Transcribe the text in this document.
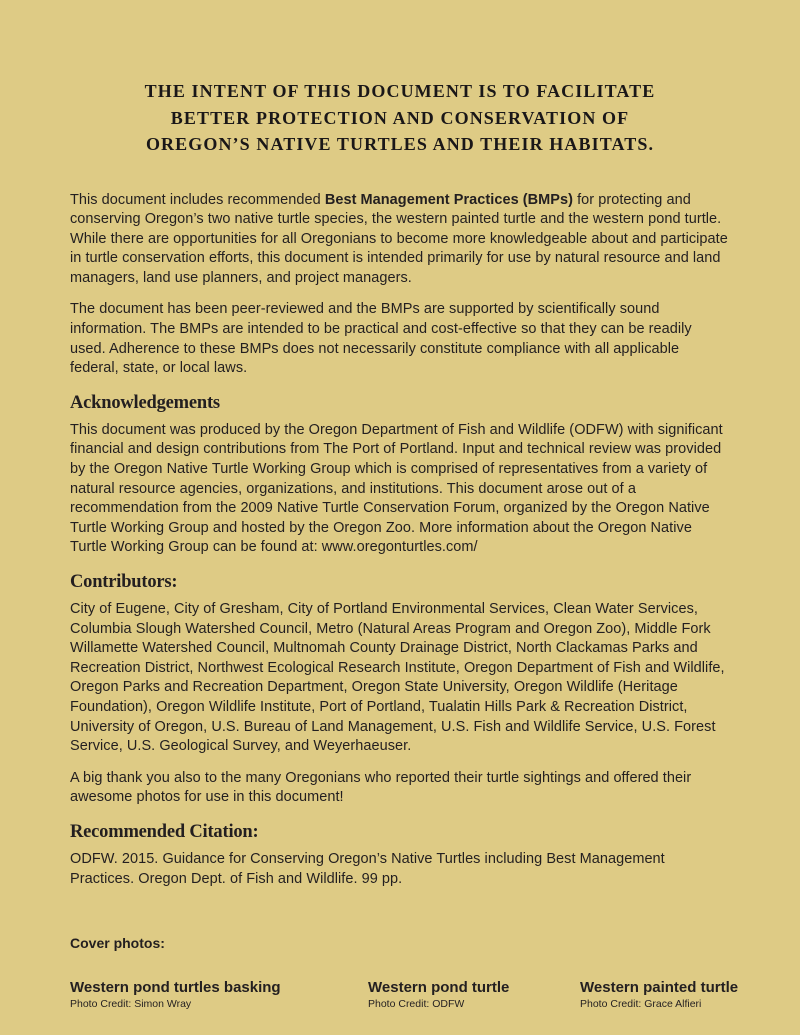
THE INTENT OF THIS DOCUMENT IS TO FACILITATE
BETTER PROTECTION AND CONSERVATION OF
OREGON’S NATIVE TURTLES AND THEIR HABITATS.

This document includes recommended Best Management Practices (BMPs) for protecting and conserving Oregon’s two native turtle species, the western painted turtle and the western pond turtle. While there are opportunities for all Oregonians to become more knowledgeable about and participate in turtle conservation efforts, this document is intended primarily for use by natural resource and land managers, land use planners, and project managers.

The document has been peer-reviewed and the BMPs are supported by scientifically sound information. The BMPs are intended to be practical and cost-effective so that they can be readily used. Adherence to these BMPs does not necessarily constitute compliance with all applicable federal, state, or local laws.

Acknowledgements

This document was produced by the Oregon Department of Fish and Wildlife (ODFW) with significant financial and design contributions from The Port of Portland. Input and technical review was provided by the Oregon Native Turtle Working Group which is comprised of representatives from a variety of natural resource agencies, organizations, and institutions. This document arose out of a recommendation from the 2009 Native Turtle Conservation Forum, organized by the Oregon Native Turtle Working Group and hosted by the Oregon Zoo. More information about the Oregon Native Turtle Working Group can be found at: www.oregonturtles.com/

Contributors:

City of Eugene, City of Gresham, City of Portland Environmental Services, Clean Water Services, Columbia Slough Watershed Council, Metro (Natural Areas Program and Oregon Zoo), Middle Fork Willamette Watershed Council, Multnomah County Drainage District, North Clackamas Parks and Recreation District, Northwest Ecological Research Institute, Oregon Department of Fish and Wildlife, Oregon Parks and Recreation Department, Oregon State University, Oregon Wildlife (Heritage Foundation), Oregon Wildlife Institute, Port of Portland, Tualatin Hills Park & Recreation District, University of Oregon, U.S. Bureau of Land Management, U.S. Fish and Wildlife Service, U.S. Forest Service, U.S. Geological Survey, and Weyerhaeuser.

A big thank you also to the many Oregonians who reported their turtle sightings and offered their awesome photos for use in this document!

Recommended Citation:

ODFW. 2015. Guidance for Conserving Oregon’s Native Turtles including Best Management Practices. Oregon Dept. of Fish and Wildlife. 99 pp.

Cover photos:
Western pond turtles basking
Photo Credit: Simon Wray
Western pond turtle
Photo Credit: ODFW
Western painted turtle
Photo Credit: Grace Alfieri
